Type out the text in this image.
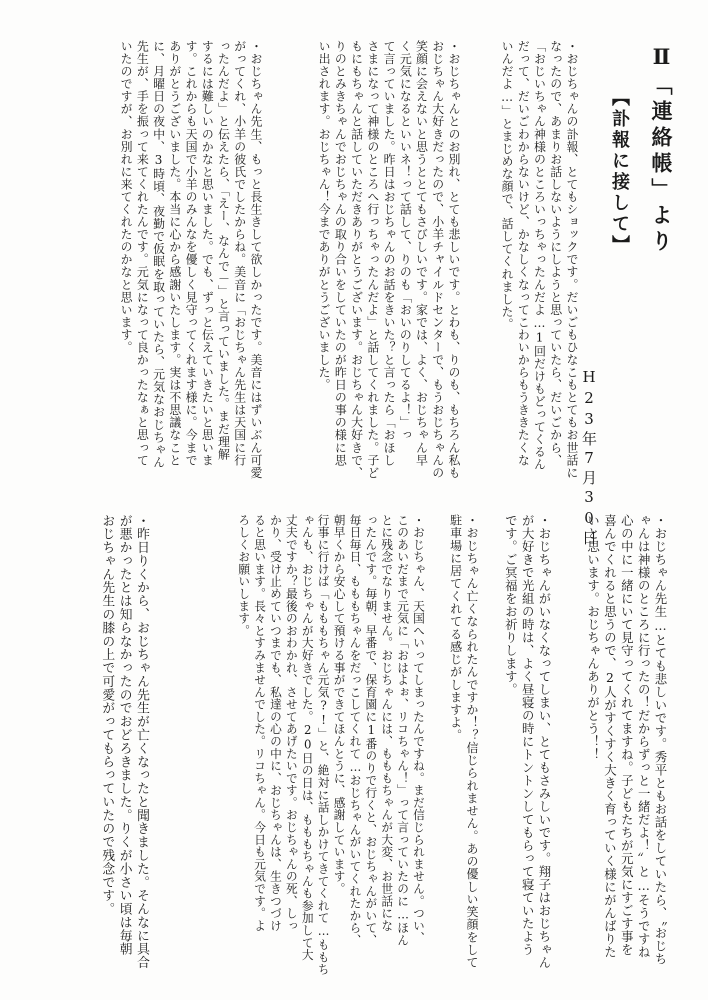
Ⅱ「連絡帳」より
【訃報に接して】
H23年7月30日
・おじちゃんの訃報、とてもショックです。だいごもひなこもとてもお世話に
なったので、あまりお話しないようにしようと思っていたら、だいごから、
「おじいちゃん神様のところいっちゃったんだよ…1回だけもどってくるん
だって、だいごわからないけど、かなしくなってこわいからもうききたくな
いんだよ…」とまじめな顔で、話してくれました。
・おじちゃんとのお別れ、とても悲しいです。とわも、りのも、もちろん私も
おじちゃん大好きだったので、小羊チャイルドセンターで、もうおじちゃんの
笑顔に会えないと思うととてもさびしいです。家では、よく、おじちゃん早
く元気になるといいネ！って話して、りのも「おいのりしてるよ！」っ
て言っていました。昨日はおじちゃんのお話をきいた？と言ったら「おほし
さまになって神様のところへ行っちゃったんだよ」と話してくれました。子ど
もにもちゃんと話していただきありがとうございます。おじちゃん大好きで、
りのとみきちゃんでおじちゃんの取り合いをしていたのが昨日の事の様に思
い出されます。おじちゃん！今までありがとうございました。
・おじちゃん先生、もっと長生きして欲しかったです。美音にはずいぶん可愛
がってくれ、小羊の彼氏でしたからね。美音に「おじちゃん先生は天国に行
ったんだよ」と伝えたら、「えー、なんで－」と言っていました。まだ理解
するには難しいのかなと思いました。でも、ずっと伝えていきたいと思いま
す。これからも天国で小羊のみんなを優しく見守ってくれます様に。今まで
ありがとうございました。本当に心から感謝いたします。実は不思議なこと
に、月曜日の夜中、3時頃、夜勤で仮眠を取っていたら、元気なおじちゃん
先生が、手を振って来てくれたんです。元気になって良かったなぁと思って
いたのですが、お別れに来てくれたのかなと思います。
・おじちゃん先生…とても悲しいです。秀平ともお話をしていたら、〝おじち
ゃんは神様のところに行ったの！だからずっと一緒だよ！〟と…そうですね
心の中に一緒にいて見守ってくれてますね。子どもたちが元気にすごす事を
喜んでくれると思うので、2人がすくすく大きく育っていく様にがんばりた
いと思います。おじちゃんありがとう！！
・おじちゃんがいなくなってしまい、とてもさみしいです。翔子はおじちゃん
が大好きで光組の時は、よく昼寝の時にトントンしてもらって寝ていたよう
です。ご冥福をお祈りします。
・おじちゃん亡くなられたんですか！？信じられません。あの優しい笑顔をして
駐車場に居てくれてる感じがしますよ。
・おじちゃん、天国へいってしまったんですね。まだ信じられません。つい、
このあいだまで元気に「おはよぉ、リコちゃん！」って言っていたのに…ほん
とに残念でなりません。おじちゃんには、もももちゃんが大変、お世話にな
ったんです。毎朝、早番で、保育園に1番のりで行くと、おじちゃんがいて、
毎日毎日、もももちゃんをだっこしてくれて…おじちゃんがいてくれたから、
朝早くから安心して預ける事ができてほんとうに、感謝しています。
行事に行けば「もももちゃん元気?!」と、絶対に話しかけてきてくれて…ももち
ゃんも、おじちゃんが大好きでした。20日の日は、もももちゃんも参加して大
丈夫ですか？最後のおわかれ、させてあげたいです。おじちゃんの死、しっ
かり、受け止めていつまでも、私達の心の中に、おじちゃんは、生きつづけ
ると思います。長々とすみませんでした。リコちゃん。今日も元気です。よ
ろしくお願いします。
・昨日りくから、おじちゃん先生が亡くなったと聞きました。そんなに具合
が悪かったとは知らなかったのでおどろきました。りくが小さい頃は毎朝
おじちゃん先生の膝の上で可愛がってもらっていたので残念です。
